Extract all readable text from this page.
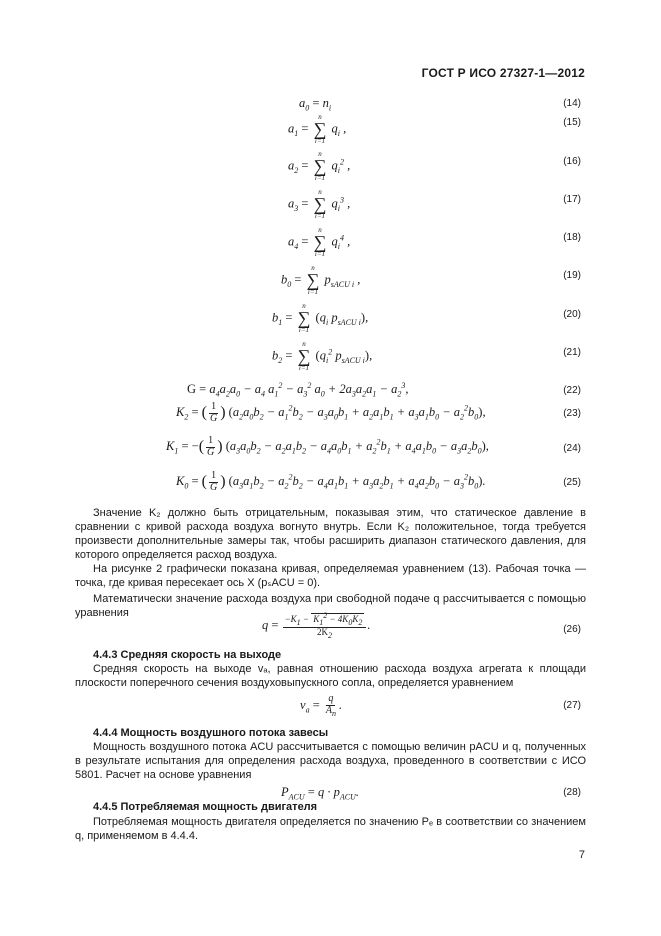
ГОСТ Р ИСО 27327-1—2012
$a_0 = n_i$	(14)
$a_1$ =
n
∑
i=1
$q_i$ ,	(15)
$a_2$ =
n
∑
i=1
$q_i^2$ ,	(16)
$a_3$ =
n
∑
i=1
$q_i^3$ ,	(17)
$a_4$ =
n
∑
i=1
$q_i^4$ ,	(18)
$b_0$ =
n
∑
i=1
$p_{sACU i}$ ,	(19)
$b_1$ =
n
∑
i=1
($q_i$ $p_{sACU i}$),	(20)
$b_2$ =
n
∑
i=1
($q_i^2$ $p_{sACU i}$),	(21)
$G = a_4a_2a_0 - a_4$ $a_1^2 - a_3^2$ $a_0 + 2a_3a_2a_1 - a_2^3$,	(22)
$K_2$ = ( $\frac{1}{G}$ ) $(a_2a_0b_2 - a_1^2b_2 - a_3a_0b_1 + a_2a_1b_1 + a_3a_1b_0 - a_2^2b_0)$,	(23)
$K_1$ = −( $\frac{1}{G}$ ) $(a_3a_0b_2 - a_2a_1b_2 - a_4a_0b_1 + a_2^2b_1 + a_4a_1b_0 - a_3a_2b_0)$,	(24)
$K_0$ = ( $\frac{1}{G}$ ) $(a_3a_1b_2 - a_2^2b_2 - a_4a_1b_1 + a_3a_2b_1 + a_4a_2b_0 - a_3^2b_0)$.	(25)
Значение K₂ должно быть отрицательным, показывая этим, что статическое давление в сравнении с кривой расхода воздуха вогнуто внутрь. Если K₂ положительное, тогда требуется произвести дополнительные замеры так, чтобы расширить диапазон статического давления, для которого определяется расход воздуха.
На рисунке 2 графически показана кривая, определяемая уравнением (13). Рабочая точка — точка, где кривая пересекает ось X (pₛACU = 0).
Математически значение расхода воздуха при свободной подаче q рассчитывается с помощью уравнения
$q = \frac{-K_1 - K_1^2 - 4K_0K_2}{2K_2}$ .	(26)
4.4.3 Средняя скорость на выходе
Средняя скорость на выходе vₐ, равная отношению расхода воздуха агрегата к площади плоскости поперечного сечения воздуховыпускного сопла, определяется уравнением
$v_a = \frac{q}{A_n}$ .	(27)
4.4.4 Мощность воздушного потока завесы
Мощность воздушного потока ACU рассчитывается с помощью величин pACU и q, полученных в результате испытания для определения расхода воздуха, проведенного в соответствии с ИСО 5801. Расчет на основе уравнения
$P_{ACU} = q \cdot p_{ACU}$.	(28)
4.4.5 Потребляемая мощность двигателя
Потребляемая мощность двигателя определяется по значению Pₑ в соответствии со значением q, применяемом в 4.4.4.
7
